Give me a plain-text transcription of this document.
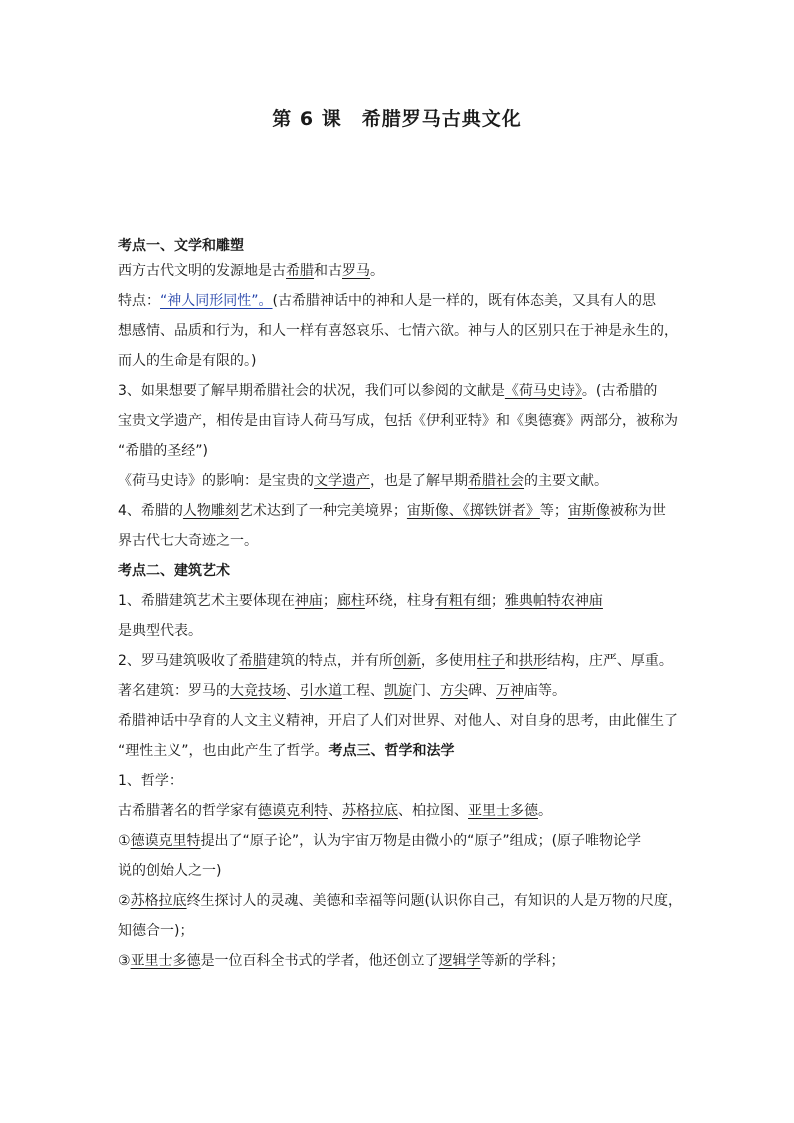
第 6 课　希腊罗马古典文化
考点一、文学和雕塑
西方古代文明的发源地是古希腊和古罗马。
特点：“神人同形同性”。(古希腊神话中的神和人是一样的，既有体态美，又具有人的思
想感情、品质和行为，和人一样有喜怒哀乐、七情六欲。神与人的区别只在于神是永生的，
而人的生命是有限的。)
3、如果想要了解早期希腊社会的状况，我们可以参阅的文献是《荷马史诗》。(古希腊的
宝贵文学遗产，相传是由盲诗人荷马写成，包括《伊利亚特》和《奥德赛》两部分，被称为
“希腊的圣经”)
《荷马史诗》的影响：是宝贵的文学遗产，也是了解早期希腊社会的主要文献。
4、希腊的人物雕刻艺术达到了一种完美境界；宙斯像、《掷铁饼者》等；宙斯像被称为世
界古代七大奇迹之一。
考点二、建筑艺术
1、希腊建筑艺术主要体现在神庙；廊柱环绕，柱身有粗有细；雅典帕特农神庙
是典型代表。
2、罗马建筑吸收了希腊建筑的特点，并有所创新，多使用柱子和拱形结构，庄严、厚重。
著名建筑：罗马的大竞技场、引水道工程、凯旋门、方尖碑、万神庙等。
希腊神话中孕育的人文主义精神，开启了人们对世界、对他人、对自身的思考，由此催生了
“理性主义”，也由此产生了哲学。考点三、哲学和法学
1、哲学：
古希腊著名的哲学家有德谟克利特、苏格拉底、柏拉图、亚里士多德。
①德谟克里特提出了“原子论”，认为宇宙万物是由微小的“原子”组成；(原子唯物论学
说的创始人之一)
②苏格拉底终生探讨人的灵魂、美德和幸福等问题(认识你自己，有知识的人是万物的尺度，
知德合一)；
③亚里士多德是一位百科全书式的学者，他还创立了逻辑学等新的学科；
